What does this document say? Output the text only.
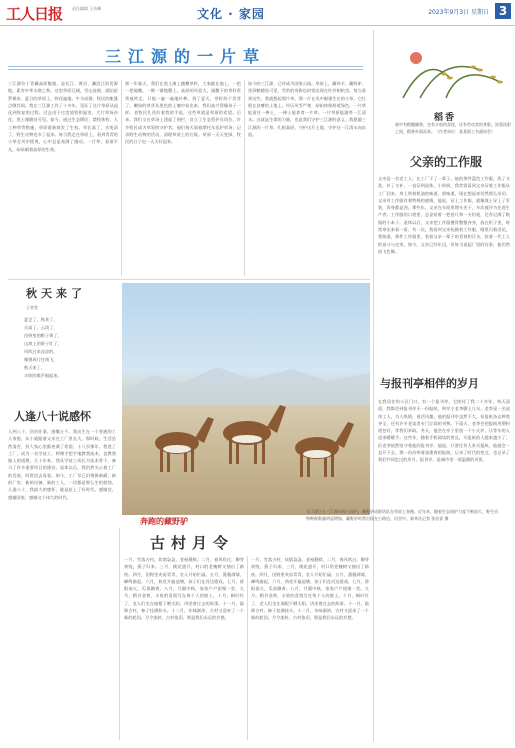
工人日报 责任编辑 王仿峰	文化 · 家园	2023年9月3日 星期日 3
三江源的一片草
三江源位于青藏高原腹地，是长江、黄河、澜沧江的发源地，素有中华水塔之称。这里草原辽阔，雪山连绵，湖泊星罗棋布。夏日的草原上，野花遍地，牛羊成群，牧民的帐篷点缀其间。我在三江源工作了十多年，见证了这片草原从退化到恢复的过程。过去由于过度放牧和鼠害，大片草场沙化，黑土滩随处可见。如今，通过生态移民、禁牧休牧、人工种草等措施，草原重新焕发了生机。草长高了，水变清了，野生动物也多了起来。每当我走在草原上，看到青青的小草在风中摇曳，心中总是充满了感动。一片草，看似平凡，却承载着高原的生命。
那一年春天，我们在黑土滩上播撒草籽，大家跪在地上，一把一把地撒，一锹一锹地覆土。高原的风很大，刚撒下的草籽常常被吹走，只能一遍一遍地补种。到了夏天，草籽终于发芽了，嫩绿的草芽从黑色的土壤中钻出来，我们高兴得像孩子一样。老牧民扎西拉着我的手说，这些草就是草原的希望。后来，我们又在草场上建起了围栏，设立了生态管护员岗位，许多牧民成为草原的守护者。他们每天骑着摩托车巡护草场，记录野生动物的活动，清理草原上的垃圾。草原一天天变绿，牧民的日子也一天天好起来。
如今的三江源，已经成为国家公园。草原上，藏羚羊、藏野驴、黑颈鹤随处可见，雪豹的身影也时常出现在红外相机里。每当看到这些，我就想起那片草，那一片在风中倔强生长的小草。它扎根在贫瘠的土地上，经历风雪严寒，却始终保持着绿色。一片草能留住一捧土，一捧土能养育一片草，一片草原能涵养一江清水。这就是生命的力量，也是我们守护三江源的意义。我愿做三江源的一片草，扎根高原，守护这片土地，守护这一江清水向东流。
秋天来了
王荣堂
夏走了，秋来了，
天高了，云淡了，
田野里的稻子黄了，
山坡上的果子红了，
风吹过来凉凉的，
雁排成行往南飞，
秋天来了，
丰收的歌声唱起来。
奔跑的藏野驴
长江源区在三江源国家公园内，藏野驴成群结队在草原上奔跑。近年来，随着生态保护力度不断加大，野生动物种群数量明显增加，藏野驴时常出现在公路边、河谷中。新华社记者 张宏祥 摄
人逢八十说感怀
人到八十，回首往事，感慨万千。我出生在一个普通的工人家庭，从小就跟着父亲在工厂里长大。那时候，生活虽然清苦，但大家心里都充满了希望。十八岁那年，我进了工厂，成为一名学徒工。师傅手把手地教我技术，也教我做人的道理。几十年来，我从学徒工成长为技术骨干，参与了许多重要项目的建设。退休以后，我仍然关心着工厂的发展，时常回去看看。如今，工厂早已旧貌换新颜，新的厂房、新的设备、新的工人，一切都是那么生机勃勃。人逢八十，我最大的感怀，就是赶上了好时代。感谢党，感谢国家，感谢这个伟大的时代。
古村月令
一月，雪落古村，炊烟袅袅，老屋静默。二月，春风吹过，柳芽初绽，燕子归来。三月，桃花盛开，村口的老槐树又抽出了新枝。四月，田野里麦苗青青，农人开始忙碌。五月，蔷薇满墙，蝉鸣渐起。六月，荷花开遍池塘，孩子们在河边嬉戏。七月，骄阳似火，瓜果飘香。八月，月圆中秋，家家户户团聚一堂。九月，稻谷金黄，丰收的喜悦写在每个人的脸上。十月，枫叶红了，老人们坐在墙根下晒太阳，讲述着过去的故事。十一月，霜降古村，柿子挂满枝头。十二月，年味渐浓，古村又迎来了一个新的轮回。月令流转，古村依旧，那是我们永远的乡愁。
一月，雪落古村，炊烟袅袅，老屋静默。二月，春风吹过，柳芽初绽，燕子归来。三月，桃花盛开，村口的老槐树又抽出了新枝。四月，田野里麦苗青青，农人开始忙碌。五月，蔷薇满墙，蝉鸣渐起。六月，荷花开遍池塘，孩子们在河边嬉戏。七月，骄阳似火，瓜果飘香。八月，月圆中秋，家家户户团聚一堂。九月，稻谷金黄，丰收的喜悦写在每个人的脸上。十月，枫叶红了，老人们坐在墙根下晒太阳，讲述着过去的故事。十一月，霜降古村，柿子挂满枝头。十二月，年味渐浓，古村又迎来了一个新的轮回。月令流转，古村依旧，那是我们永远的乡愁。
稻香
画中有稻穗飘香，也有丰收的喜悦，还有劳动者的身影。浓墨淡彩之间，稻香扑面而来。（作者单位：某某职工书画协会）
父亲的工作服
父亲是一名老工人，在工厂干了一辈子。他的那件蓝色工作服，洗了又洗，补了又补，一直穿到退休。小时候，我常常看到父亲穿着工作服从工厂回来，身上带着机油的味道。那味道，现在想起来仍然那么亲切。父亲对工作服有着特殊的感情，他说，穿上工作服，就像战士穿上了军装，浑身都是劲。那些年，父亲在车间里埋头苦干，多次被评为先进生产者。工作服的口袋里，总是装着一把卷尺和一支铅笔，还有记满了数据的小本子。退休以后，父亲把工作服叠得整整齐齐，放在柜子里，时常拿出来看一看。有一次，我看到父亲抚摸着工作服，眼里闪着泪花。我知道，那件工作服里，装着父亲一辈子的青春和汗水，装着一代工人的奋斗与光荣。如今，父亲已经年迈，但每当说起厂里的往事，他仍然眉飞色舞。
与报刊亭相伴的岁月
在我居住的小区门口，有一个报刊亭，它陪伴了我二十多年。每天清晨，我都会到报刊亭买一份报纸，和亭主老李聊上几句。老李是一名退休工人，为人热情，说话风趣。他的报刊亭虽然不大，但报纸杂志种类齐全，还有许多老读者专门订阅的刊物。下雨天，老李会把报纸用塑料袋包好，等我们来取。冬天，他会在亭子里放一个小火炉，让等车的人进来暖暖手。这些年，随着手机阅读的普及，买报纸的人越来越少了，但老李依然坚守着他的报刊亭。他说，只要还有人来买报纸，他就会一直开下去。那一份份带着油墨香的报纸，记录了时代的变迁，也记录了我们共同走过的岁月。报刊亭，是城市里一道温暖的风景。
